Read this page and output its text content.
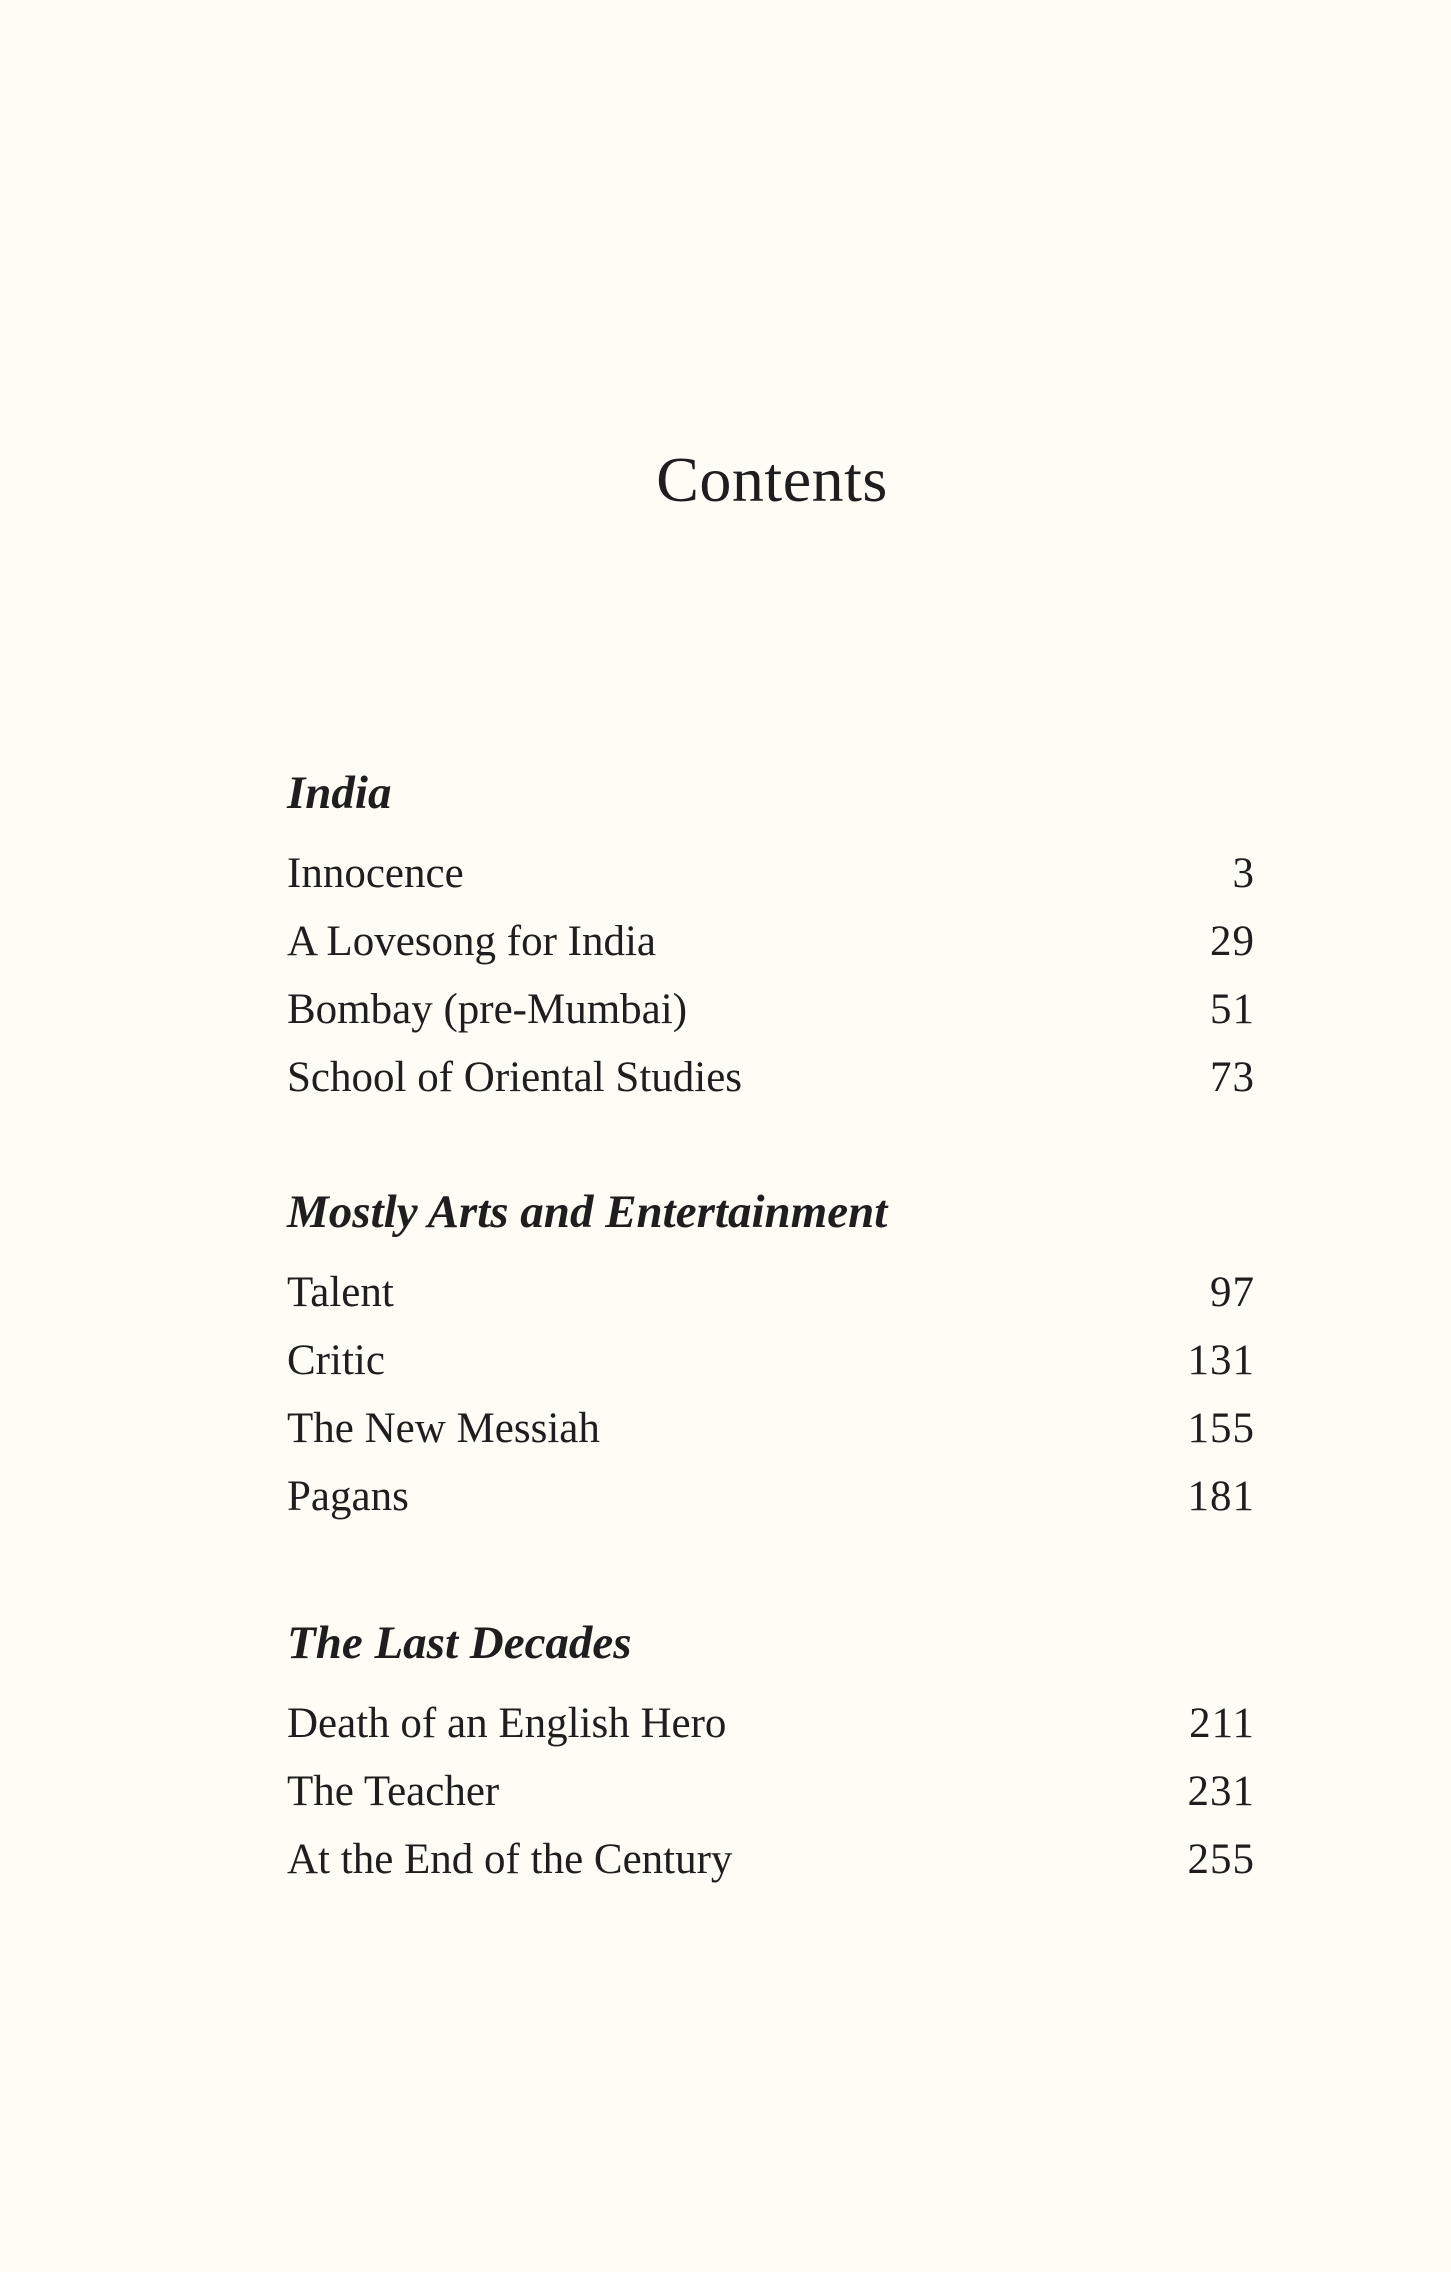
Contents
India
Innocence	3
A Lovesong for India	29
Bombay (pre-Mumbai)	51
School of Oriental Studies	73
Mostly Arts and Entertainment
Talent	97
Critic	131
The New Messiah	155
Pagans	181
The Last Decades
Death of an English Hero	211
The Teacher	231
At the End of the Century	255
